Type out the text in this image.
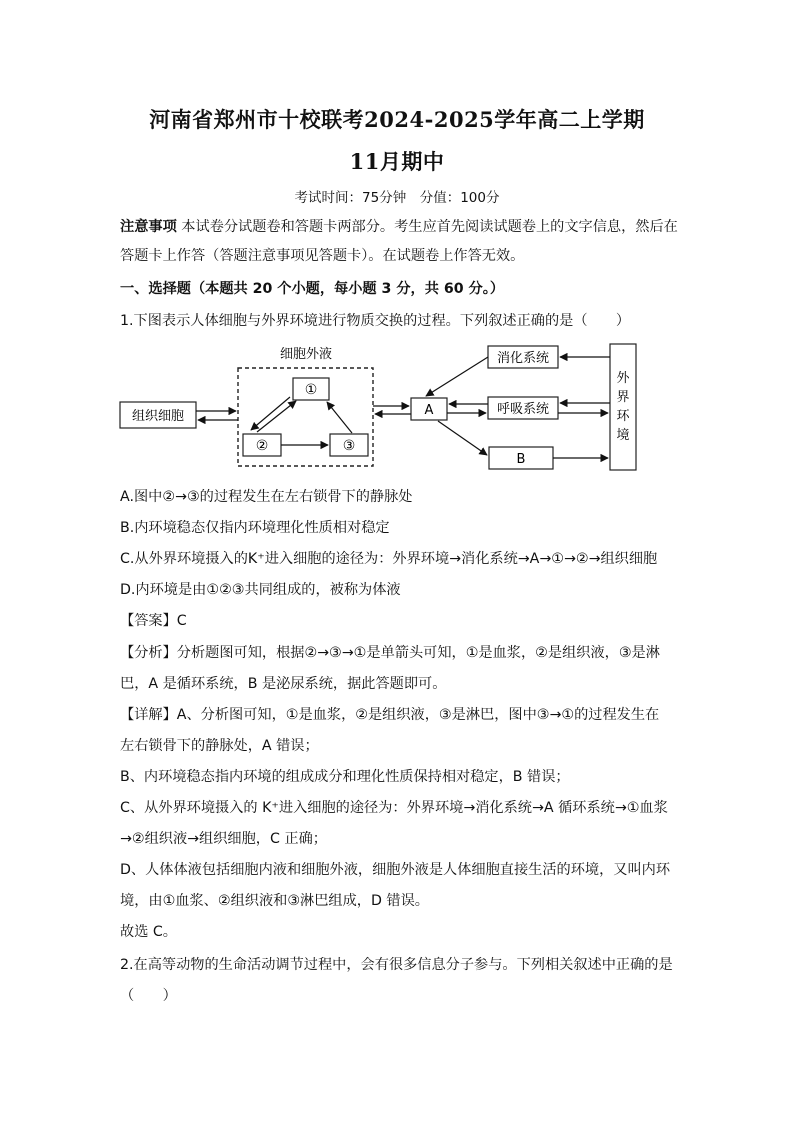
河南省郑州市十校联考2024-2025学年高二上学期
11月期中
考试时间：75分钟　分值：100分
注意事项 本试卷分试题卷和答题卡两部分。考生应首先阅读试题卷上的文字信息，然后在
答题卡上作答（答题注意事项见答题卡）。在试题卷上作答无效。
一、选择题（本题共 20 个小题，每小题 3 分，共 60 分。）
1.下图表示人体细胞与外界环境进行物质交换的过程。下列叙述正确的是（　　）
细胞外液
组织细胞
①
②	③
A
消化系统
呼吸系统
B
外
界
环
境
A.图中②→③的过程发生在左右锁骨下的静脉处
B.内环境稳态仅指内环境理化性质相对稳定
C.从外界环境摄入的K⁺进入细胞的途径为：外界环境→消化系统→A→①→②→组织细胞
D.内环境是由①②③共同组成的，被称为体液
【答案】C
【分析】分析题图可知，根据②→③→①是单箭头可知，①是血浆，②是组织液，③是淋
巴，A 是循环系统，B 是泌尿系统，据此答题即可。
【详解】A、分析图可知，①是血浆，②是组织液，③是淋巴，图中③→①的过程发生在
左右锁骨下的静脉处，A 错误；
B、内环境稳态指内环境的组成成分和理化性质保持相对稳定，B 错误；
C、从外界环境摄入的 K⁺进入细胞的途径为：外界环境→消化系统→A 循环系统→①血浆
→②组织液→组织细胞，C 正确；
D、人体体液包括细胞内液和细胞外液，细胞外液是人体细胞直接生活的环境，又叫内环
境，由①血浆、②组织液和③淋巴组成，D 错误。
故选 C。
2.在高等动物的生命活动调节过程中，会有很多信息分子参与。下列相关叙述中正确的是
（　　）
